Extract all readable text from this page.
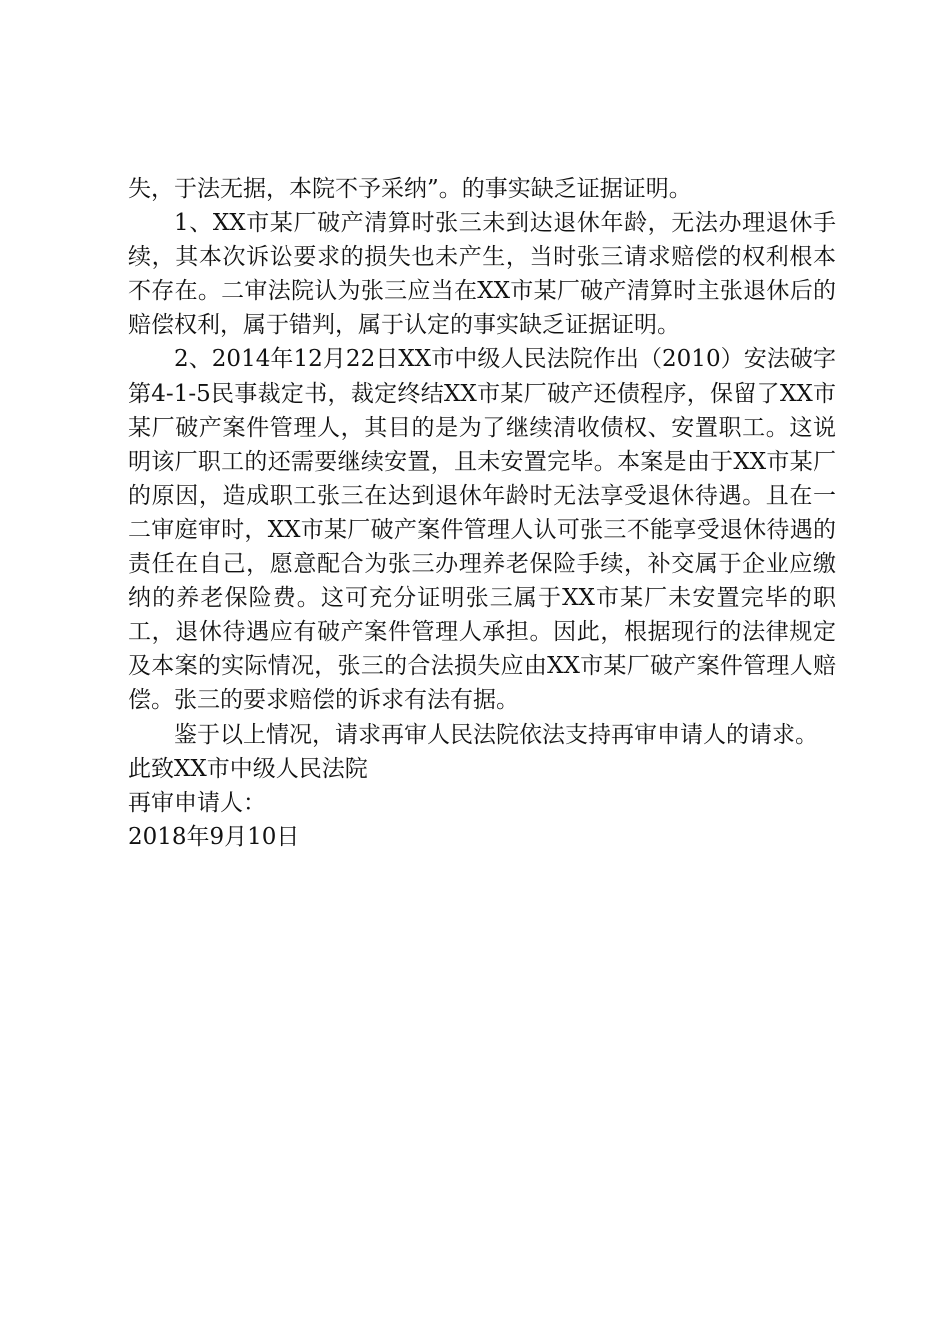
失，于法无据，本院不予采纳”。的事实缺乏证据证明。

1、XX市某厂破产清算时张三未到达退休年龄，无法办理退休手续，其本次诉讼要求的损失也未产生，当时张三请求赔偿的权利根本不存在。二审法院认为张三应当在XX市某厂破产清算时主张退休后的赔偿权利，属于错判，属于认定的事实缺乏证据证明。

2、2014年12月22日XX市中级人民法院作出（2010）安法破字第4-1-5民事裁定书，裁定终结XX市某厂破产还债程序，保留了XX市某厂破产案件管理人，其目的是为了继续清收债权、安置职工。这说明该厂职工的还需要继续安置，且未安置完毕。本案是由于XX市某厂的原因，造成职工张三在达到退休年龄时无法享受退休待遇。且在一二审庭审时，XX市某厂破产案件管理人认可张三不能享受退休待遇的责任在自己，愿意配合为张三办理养老保险手续，补交属于企业应缴纳的养老保险费。这可充分证明张三属于XX市某厂未安置完毕的职工，退休待遇应有破产案件管理人承担。因此，根据现行的法律规定及本案的实际情况，张三的合法损失应由XX市某厂破产案件管理人赔偿。张三的要求赔偿的诉求有法有据。

鉴于以上情况，请求再审人民法院依法支持再审申请人的请求。

此致XX市中级人民法院

再审申请人：

2018年9月10日
